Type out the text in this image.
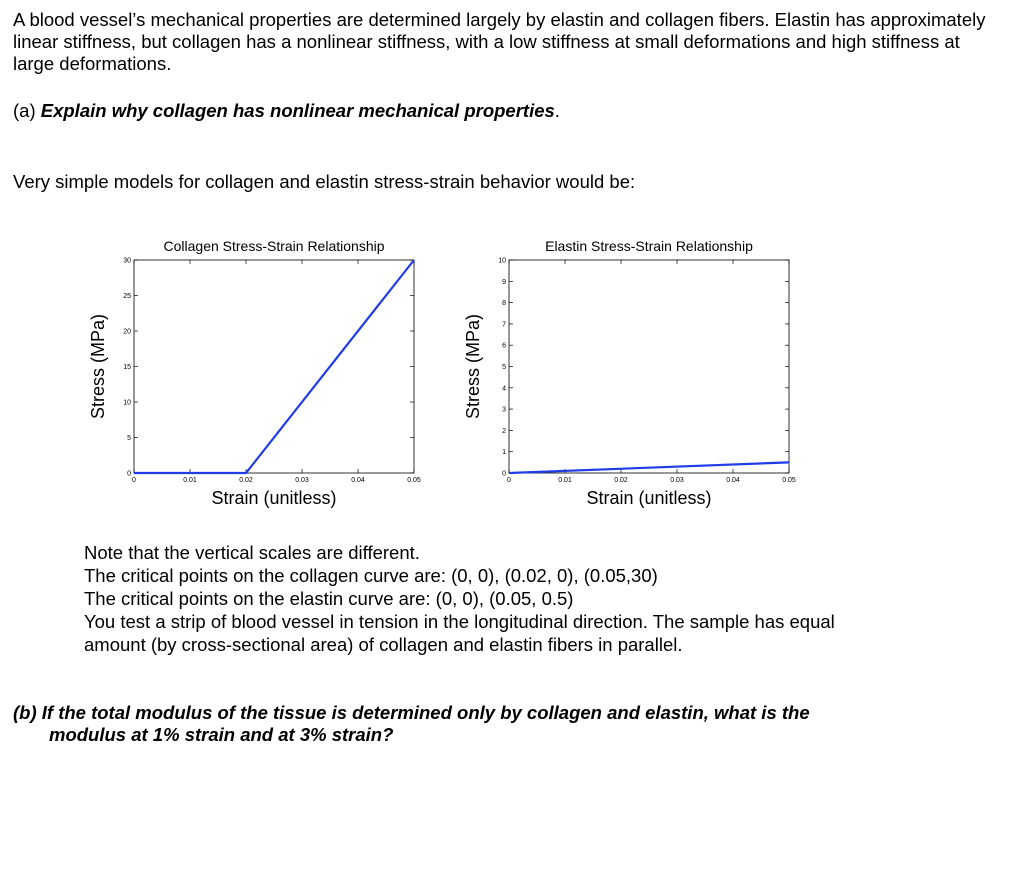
A blood vessel’s mechanical properties are determined largely by elastin and collagen fibers. Elastin has approximately linear stiffness, but collagen has a nonlinear stiffness, with a low stiffness at small deformations and high stiffness at large deformations.

(a) Explain why collagen has nonlinear mechanical properties.

Very simple models for collagen and elastin stress-strain behavior would be:

0	0.01	0.02	0.03	0.04	0.05
0
5
10
15
20
25
30
Collagen Stress-Strain Relationship
Strain (unitless)
Stress (MPa)
0	0.01	0.02	0.03	0.04	0.05
0
1
2
3
4
5
6
7
8
9
10
Elastin Stress-Strain Relationship
Strain (unitless)
Stress (MPa)
Note that the vertical scales are different.
The critical points on the collagen curve are: (0, 0), (0.02, 0), (0.05,30)
The critical points on the elastin curve are: (0, 0), (0.05, 0.5)
You test a strip of blood vessel in tension in the longitudinal direction. The sample has equal
amount (by cross-sectional area) of collagen and elastin fibers in parallel.

(b) If the total modulus of the tissue is determined only by collagen and elastin, what is the
modulus at 1% strain and at 3% strain?
